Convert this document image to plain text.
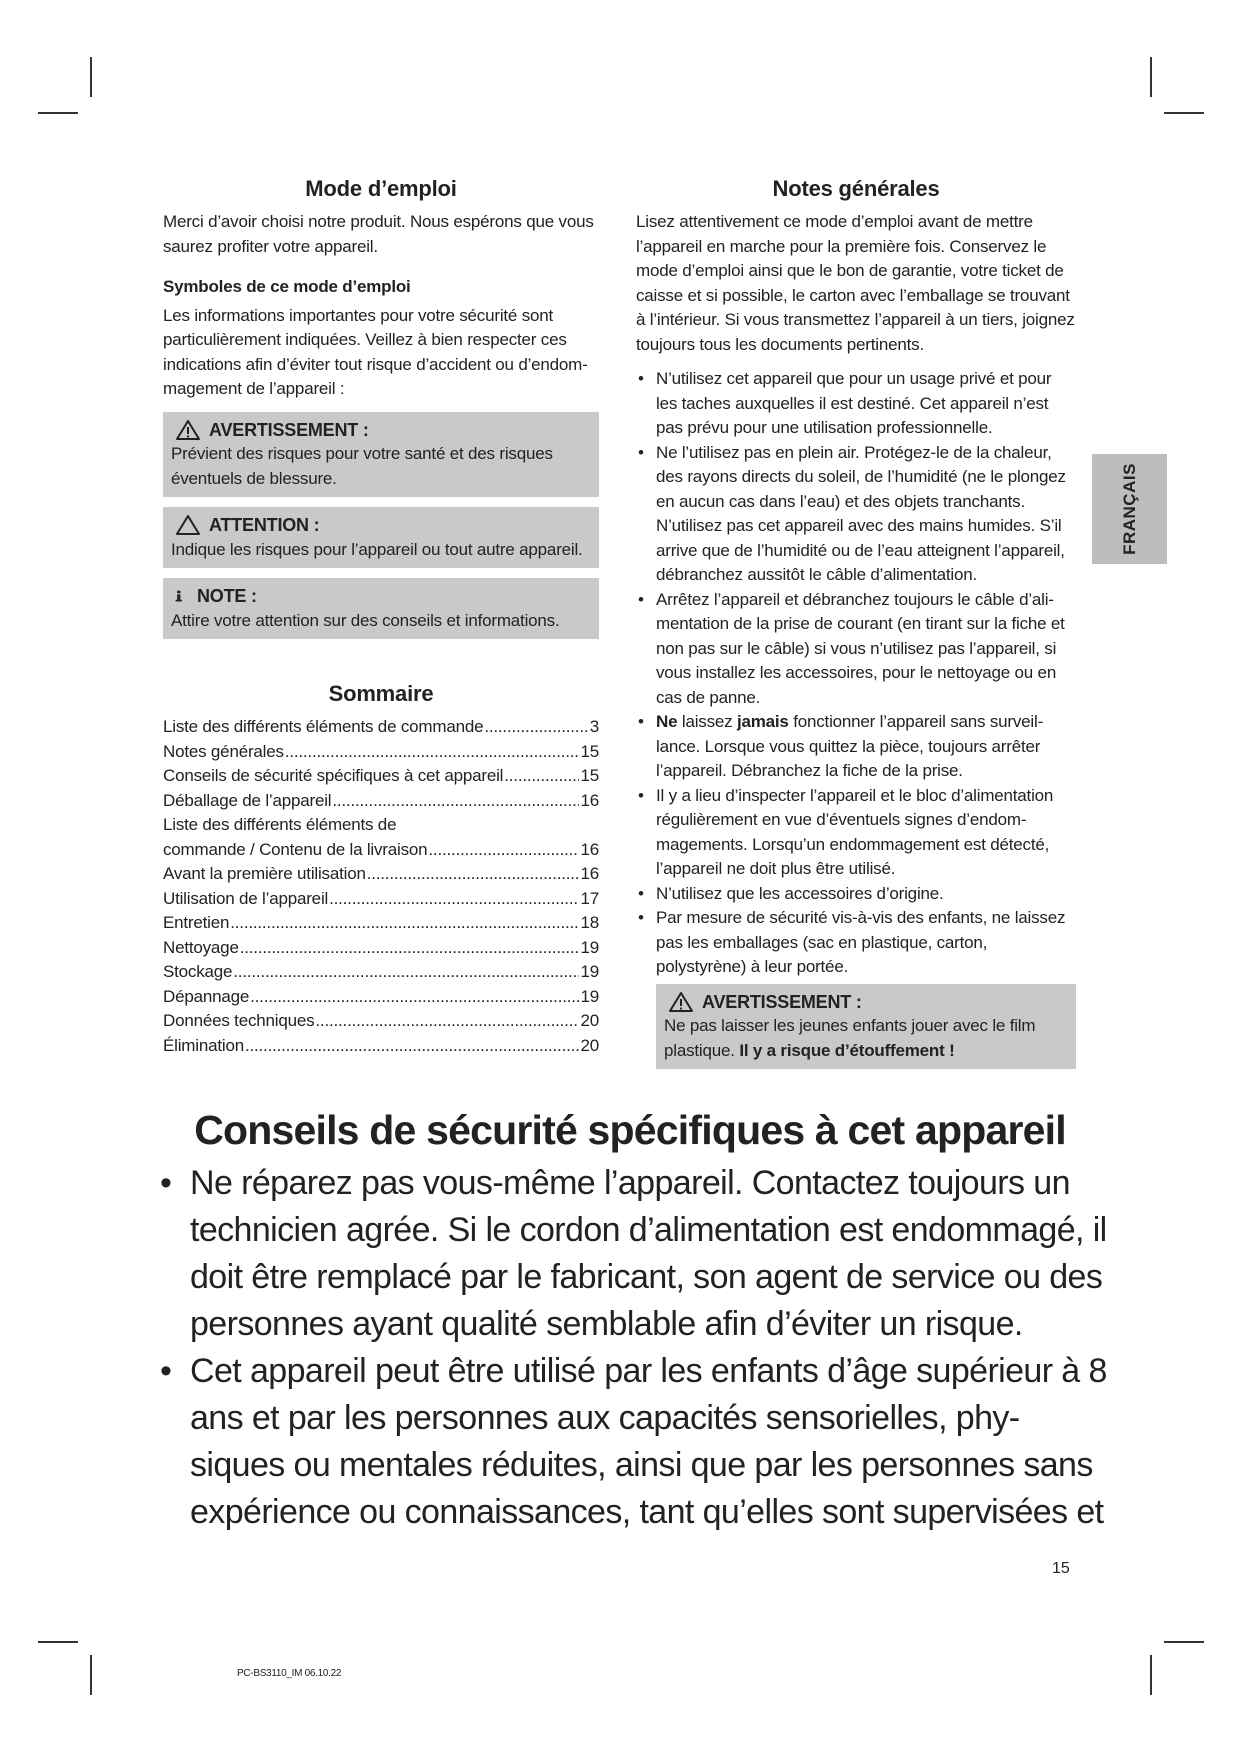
Mode d’emploi

Merci d’avoir choisi notre produit. Nous espérons que vous saurez profiter votre appareil.

Symboles de ce mode d’emploi

Les informations importantes pour votre sécurité sont particulièrement indiquées. Veillez à bien respecter ces indications afin d’éviter tout risque d’accident ou d’endom-magement de l’appareil :

AVERTISSEMENT :

Prévient des risques pour votre santé et des risques éventuels de blessure.

ATTENTION :

Indique les risques pour l’appareil ou tout autre appareil.

NOTE :

Attire votre attention sur des conseils et informations.

Sommaire
Liste des différents éléments de commande .....	3
Notes générales .....	15
Conseils de sécurité spécifiques à cet appareil .....	15
Déballage de l’appareil .....	16
Liste des différents éléments de
commande / Contenu de la livraison .....	16
Avant la première utilisation .....	16
Utilisation de l’appareil .....	17
Entretien .....	18
Nettoyage .....	19
Stockage .....	19
Dépannage .....	19
Données techniques .....	20
Élimination .....	20
Notes générales

Lisez attentivement ce mode d’emploi avant de mettre l’appareil en marche pour la première fois. Conservez le mode d’emploi ainsi que le bon de garantie, votre ticket de caisse et si possible, le carton avec l’emballage se trouvant à l’intérieur. Si vous transmettez l’appareil à un tiers, joignez toujours tous les documents pertinents.

• N’utilisez cet appareil que pour un usage privé et pour les taches auxquelles il est destiné. Cet appareil n’est pas prévu pour une utilisation professionnelle.
• Ne l’utilisez pas en plein air. Protégez-le de la chaleur, des rayons directs du soleil, de l’humidité (ne le plongez en aucun cas dans l’eau) et des objets tranchants. N’utilisez pas cet appareil avec des mains humides. S’il arrive que de l’humidité ou de l’eau atteignent l’appareil, débranchez aussitôt le câble d’alimentation.
• Arrêtez l’appareil et débranchez toujours le câble d’ali-mentation de la prise de courant (en tirant sur la fiche et non pas sur le câble) si vous n’utilisez pas l’appareil, si vous installez les accessoires, pour le nettoyage ou en cas de panne.
• Ne laissez jamais fonctionner l’appareil sans surveil-lance. Lorsque vous quittez la pièce, toujours arrêter l’appareil. Débranchez la fiche de la prise.
• Il y a lieu d’inspecter l’appareil et le bloc d’alimentation régulièrement en vue d’éventuels signes d’endom-magements. Lorsqu’un endommagement est détecté, l’appareil ne doit plus être utilisé.
• N’utilisez que les accessoires d’origine.
• Par mesure de sécurité vis-à-vis des enfants, ne laissez pas les emballages (sac en plastique, carton, polystyrène) à leur portée.
AVERTISSEMENT :

Ne pas laisser les jeunes enfants jouer avec le film plastique. Il y a risque d’étouffement !

FRANÇAIS
Conseils de sécurité spécifiques à cet appareil
• Ne réparez pas vous-même l’appareil. Contactez toujours un technicien agrée. Si le cordon d’alimentation est endommagé, il doit être remplacé par le fabricant, son agent de service ou des personnes ayant qualité semblable afin d’éviter un risque.
• Cet appareil peut être utilisé par les enfants d’âge supérieur à 8 ans et par les personnes aux capacités sensorielles, phy-siques ou mentales réduites, ainsi que par les personnes sans expérience ou connaissances, tant qu’elles sont supervisées et
15
PC-BS3110_IM 06.10.22
